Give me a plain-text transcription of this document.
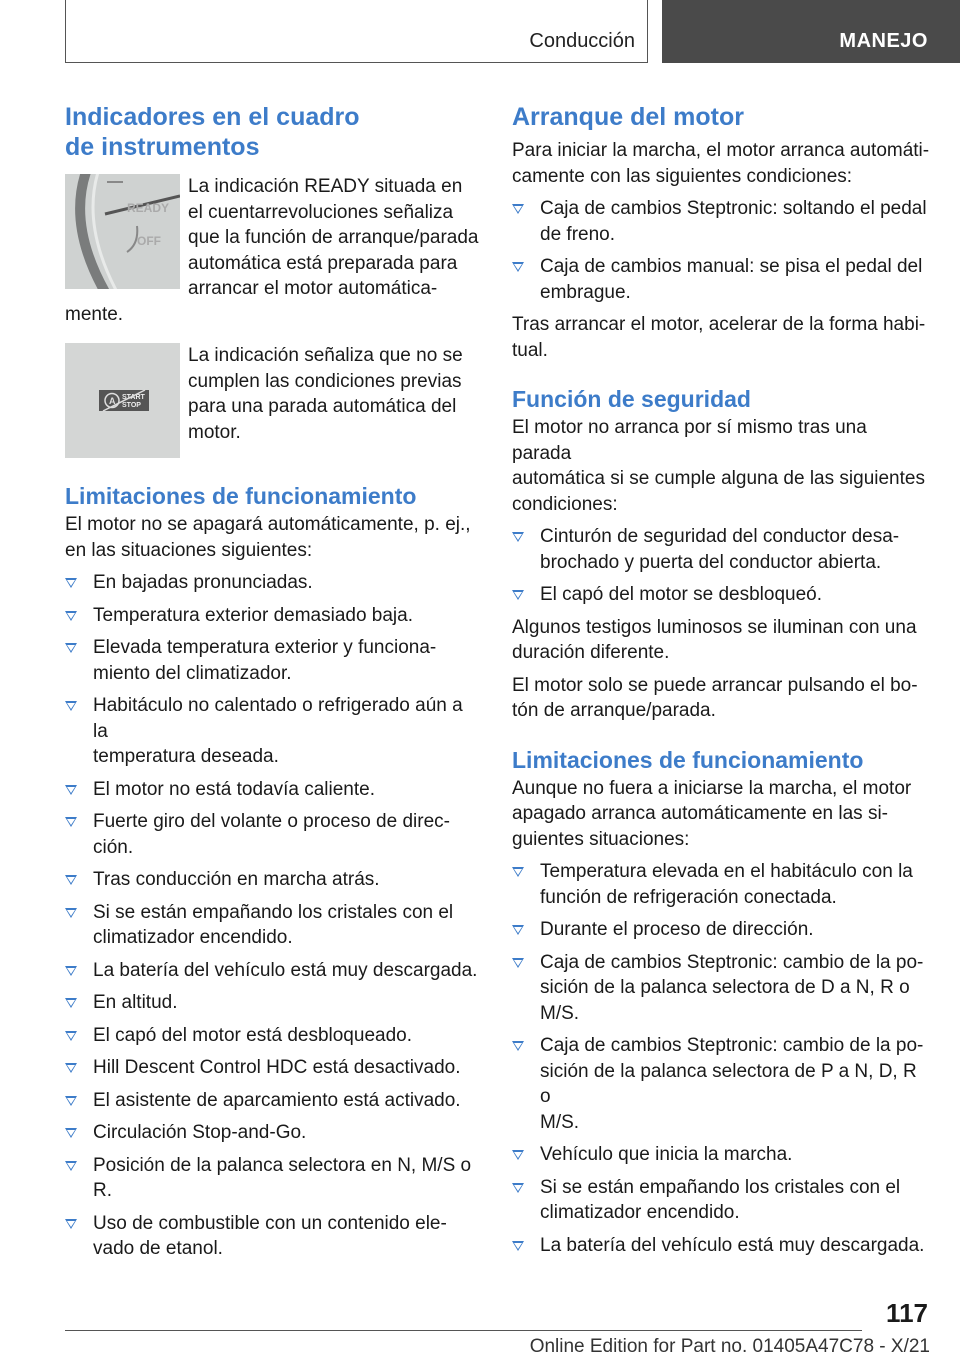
Conducción	MANEJO
Indicadores en el cuadro
de instrumentos
READY
OFF

La indicación READY situada en
el cuentarrevoluciones señaliza
que la función de arranque/parada
automática está preparada para
arrancar el motor automática-
mente.

A START
STOP

La indicación señaliza que no se
cumplen las condiciones previas
para una parada automática del
motor.

Limitaciones de funcionamiento

El motor no se apagará automáticamente, p. ej.,
en las situaciones siguientes:

En bajadas pronunciadas.
Temperatura exterior demasiado baja.
Elevada temperatura exterior y funciona-
miento del climatizador.
Habitáculo no calentado o refrigerado aún a la
temperatura deseada.
El motor no está todavía caliente.
Fuerte giro del volante o proceso de direc-
ción.
Tras conducción en marcha atrás.
Si se están empañando los cristales con el
climatizador encendido.
La batería del vehículo está muy descargada.
En altitud.
El capó del motor está desbloqueado.
Hill Descent Control HDC está desactivado.
El asistente de aparcamiento está activado.
Circulación Stop-and-Go.
Posición de la palanca selectora en N, M/S o
R.
Uso de combustible con un contenido ele-
vado de etanol.
Arranque del motor

Para iniciar la marcha, el motor arranca automáti-
camente con las siguientes condiciones:

Caja de cambios Steptronic: soltando el pedal
de freno.
Caja de cambios manual: se pisa el pedal del
embrague.

Tras arrancar el motor, acelerar de la forma habi-
tual.

Función de seguridad

El motor no arranca por sí mismo tras una parada
automática si se cumple alguna de las siguientes
condiciones:

Cinturón de seguridad del conductor desa-
brochado y puerta del conductor abierta.
El capó del motor se desbloqueó.

Algunos testigos luminosos se iluminan con una
duración diferente.

El motor solo se puede arrancar pulsando el bo-
tón de arranque/parada.

Limitaciones de funcionamiento

Aunque no fuera a iniciarse la marcha, el motor
apagado arranca automáticamente en las si-
guientes situaciones:

Temperatura elevada en el habitáculo con la
función de refrigeración conectada.
Durante el proceso de dirección.
Caja de cambios Steptronic: cambio de la po-
sición de la palanca selectora de D a N, R o
M/S.
Caja de cambios Steptronic: cambio de la po-
sición de la palanca selectora de P a N, D, R o
M/S.
Vehículo que inicia la marcha.
Si se están empañando los cristales con el
climatizador encendido.
La batería del vehículo está muy descargada.
117
Online Edition for Part no. 01405A47C78 - X/21
